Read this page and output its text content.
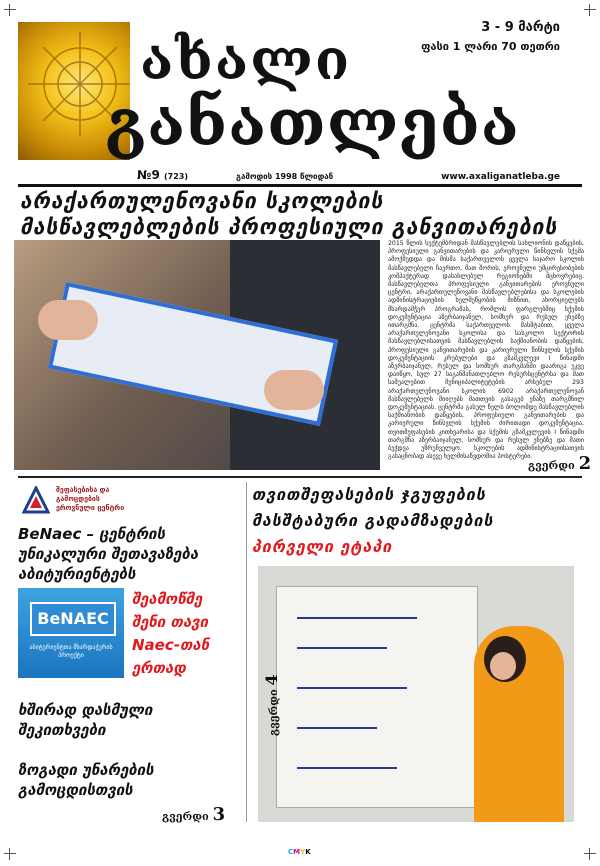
ახალი
განათლება
3 - 9 მარტი
ფასი 1 ლარი 70 თეთრი
№9 (723)	გამოდის 1998 წლიდან	www.axaliganatleba.ge
არაქართულენოვანი სკოლების მასწავლებლების პროფესიული განვითარების
2015 წლის სექტემბრიდან მასწავლებლის სახლიონის დაწყების, პროფესიული განვითარების და კარიერული წინსვლის სქემა ამოქმედდა და მისმა საქართველოს ყველა საჯარო სკოლის მასწავლებელი ჩაერთო, მათ შორის, ეროვნული უმცირესობების კომპაქტურად დასახლებულ რეგიონებში მცხოვრებიც. მასწავლებელთა პროფესიული განვითარების ეროვნული ცენტრი, არაქართულენოვანი მასწავლებლებისა და სკოლების ადმინისტრაციების ხელშეწყობის მიზნით, ახორციელებს მხარდამჭერ პროგრამას, რომლის ფარგლებშიც სქემის დოკუმენტაცია აზერბაიჯანულ, სომხურ და რუსულ ენებზე ითარგმნა. ცენტრმა საქართველოს მასშტაბით, ყველა არაქართულენოვანი სკოლისა და სასკოლო სექტორის მასწავლებლისათვის მასწავლებლის საქმიანობის დაწყების, პროფესიული განვითარების და კარიერული წინსვლის სქემის დოკუმენტაციის კრებულები და გზამკვლევი I წინადმი აზერბაიჯანულ, რუსულ და სომხურ თარგმანში დაარიგა უკვე დაიწყო, სულ 27 საგანმანათლებლო რესურსცენტრსა და მათ საშუალებით მუნიციპალიტეტების არსებულ 293 არაქართულენოვანი სკოლის 6902 არაქართულენოვან მასწავლებელს მიიღებს მათთვის გასაგებ ენაზე თარგმნილ დოკუმენტაციას. ცენტრმა გასულ წელს ბოლომდე მასწავლებლის საქმიანობის დაწყების, პროფესიული განვითარების და კარიერული წინსვლის სქემის ძირითადი დოკუმენტაცია, თვითშეფასების კითხვარისა და სქემის გზამკვლევის I წინადმი თარგმნა აზერბაიჯანულ, სომხურ და რუსულ ენებზე და მათი ბეჭდვა უზრუნველყო. სკოლების ადმინისტრაციისათვის გასაცნობად ასევე ხელმისაწვდომია პოსტერები.
გვერდი 2
შეფასებისა და გამოცდების ეროვნული ცენტრი
BeNaec – ცენტრის უნიკალური შეთავაზება აბიტურიენტებს
BeNAEC
აბიტურიენტთა მხარდაჭერის პროექტი
შეამოწმე
შენი თავი
Naec-თან
ერთად
ხშირად დასმული შეკითხვები
ზოგადი უნარების გამოცდისთვის
გვერდი 3
თვითშეფასების ჯგუფების მასშტაბური გადამზადების
პირველი ეტაპი
გვერდი 4
CMYK
